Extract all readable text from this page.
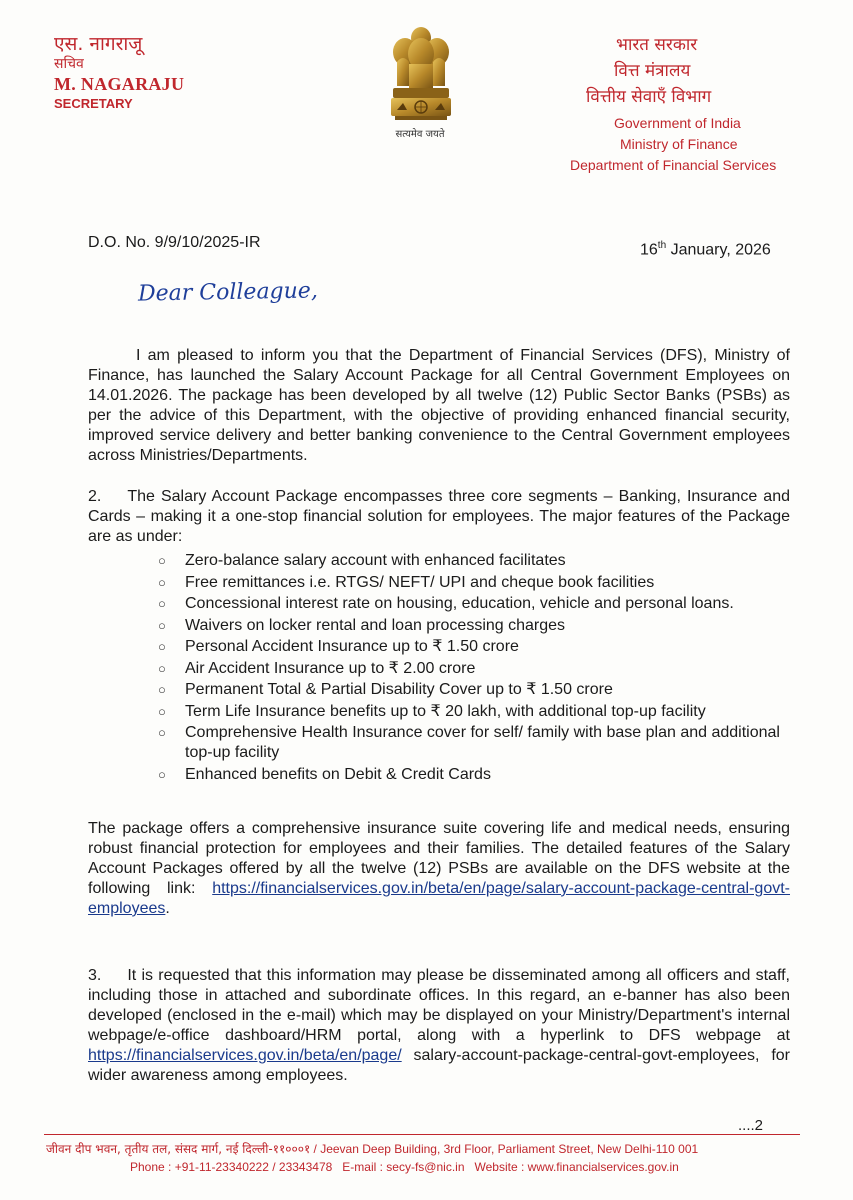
एस. नागराजू
सचिव
M. NAGARAJU
SECRETARY
सत्यमेव जयते
भारत सरकार
वित्त मंत्रालय
वित्तीय सेवाएँ विभाग
Government of India
Ministry of Finance
Department of Financial Services
D.O. No. 9/9/10/2025-IR	16th January, 2026
Dear Colleague,
I am pleased to inform you that the Department of Financial Services (DFS), Ministry of Finance, has launched the Salary Account Package for all Central Government Employees on 14.01.2026. The package has been developed by all twelve (12) Public Sector Banks (PSBs) as per the advice of this Department, with the objective of providing enhanced financial security, improved service delivery and better banking convenience to the Central Government employees across Ministries/Departments.
2. The Salary Account Package encompasses three core segments – Banking, Insurance and Cards – making it a one-stop financial solution for employees. The major features of the Package are as under:
○ Zero-balance salary account with enhanced facilitates
○ Free remittances i.e. RTGS/ NEFT/ UPI and cheque book facilities
○ Concessional interest rate on housing, education, vehicle and personal loans.
○ Waivers on locker rental and loan processing charges
○ Personal Accident Insurance up to ₹ 1.50 crore
○ Air Accident Insurance up to ₹ 2.00 crore
○ Permanent Total & Partial Disability Cover up to ₹ 1.50 crore
○ Term Life Insurance benefits up to ₹ 20 lakh, with additional top-up facility
○ Comprehensive Health Insurance cover for self/ family with base plan and additional top-up facility
○ Enhanced benefits on Debit & Credit Cards
The package offers a comprehensive insurance suite covering life and medical needs, ensuring robust financial protection for employees and their families. The detailed features of the Salary Account Packages offered by all the twelve (12) PSBs are available on the DFS website at the following link: https://financialservices.gov.in/beta/en/page/salary-account-package-central-govt-employees.
3. It is requested that this information may please be disseminated among all officers and staff, including those in attached and subordinate offices. In this regard, an e-banner has also been developed (enclosed in the e-mail) which may be displayed on your Ministry/Department's internal webpage/e-office dashboard/HRM portal, along with a hyperlink to DFS webpage at https://financialservices.gov.in/beta/en/page/ salary-account-package-central-govt-employees, for wider awareness among employees.
....2
जीवन दीप भवन, तृतीय तल, संसद मार्ग, नई दिल्ली-११०००१ / Jeevan Deep Building, 3rd Floor, Parliament Street, New Delhi-110 001
Phone : +91-11-23340222 / 23343478 E-mail : secy-fs@nic.in Website : www.financialservices.gov.in
